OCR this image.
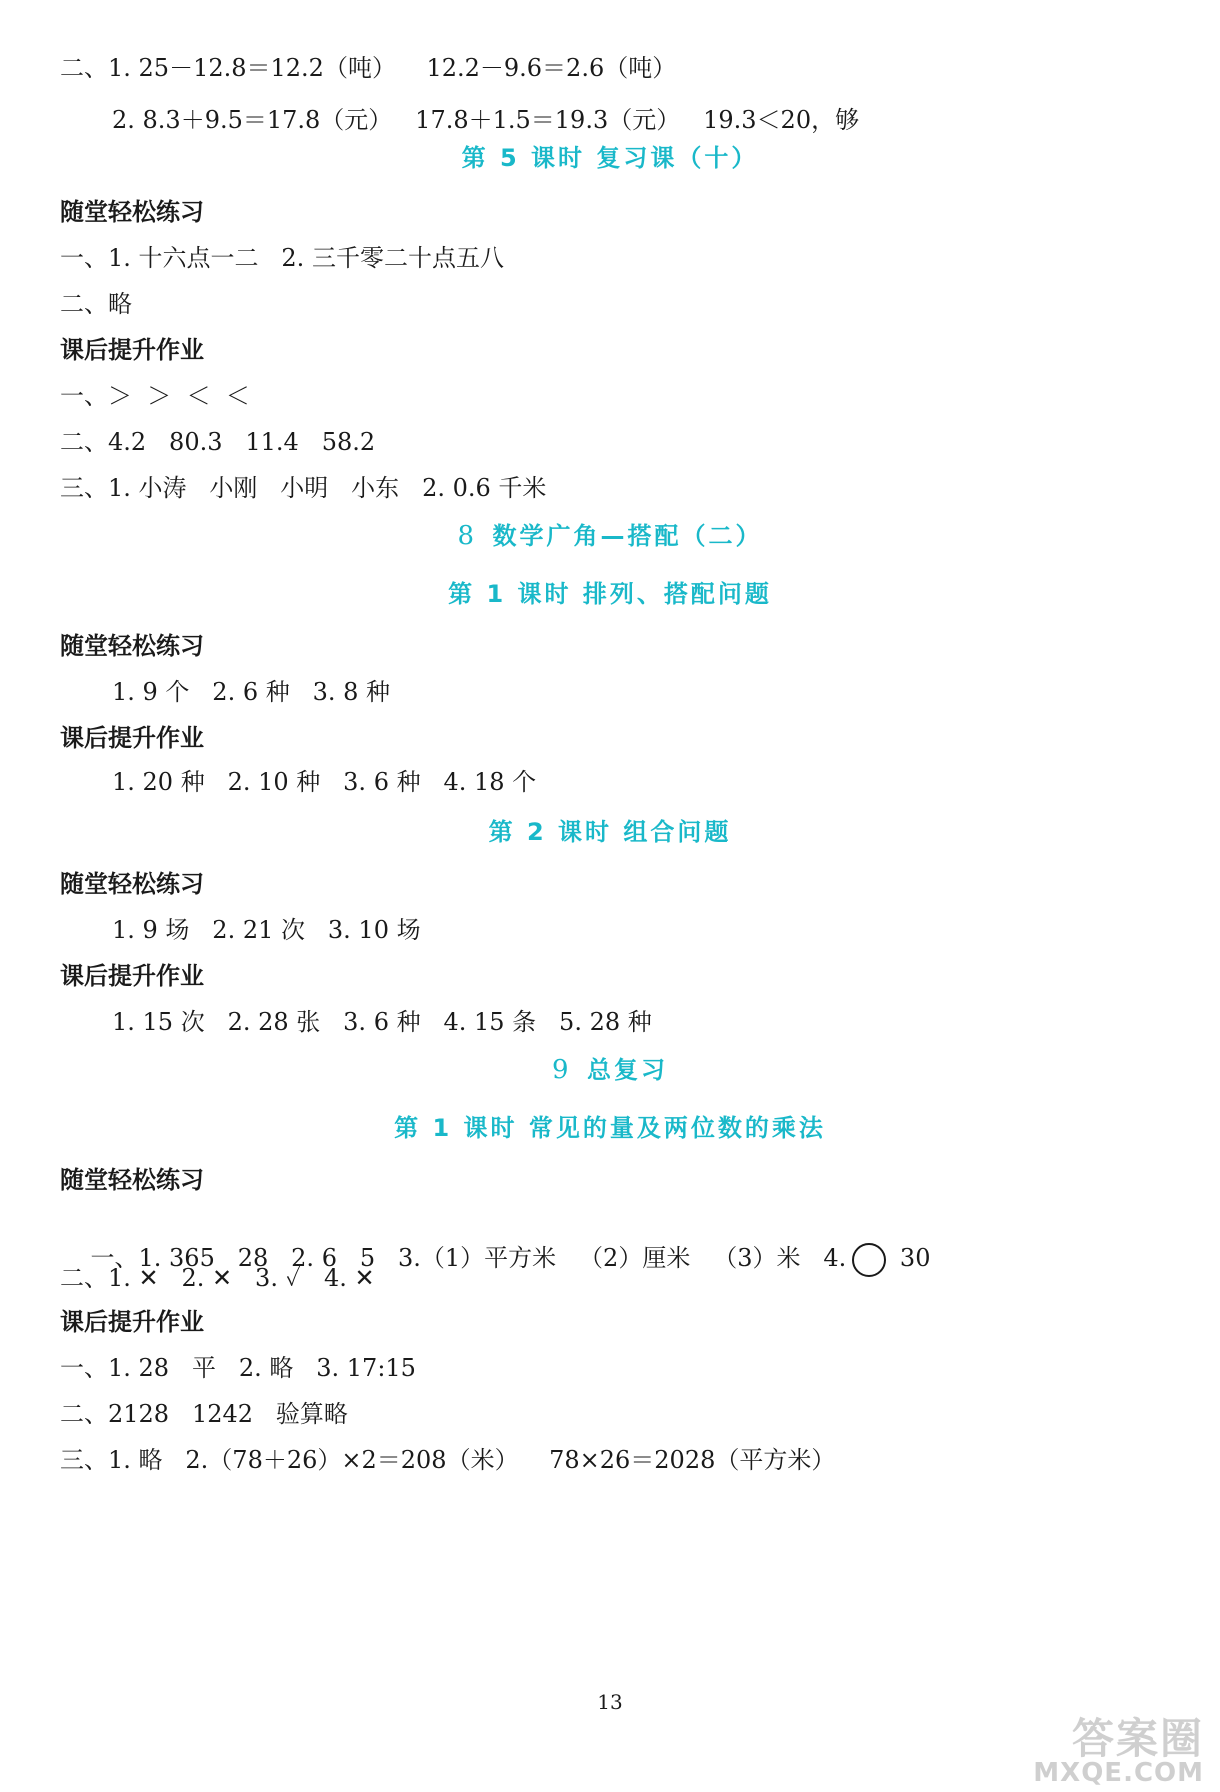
二、1. 25－12.8＝12.2（吨）    12.2－9.6＝2.6（吨）
2. 8.3＋9.5＝17.8（元）   17.8＋1.5＝19.3（元）   19.3＜20，够
第 5 课时 复习课（十）
随堂轻松练习
一、1. 十六点一二   2. 三千零二十点五八
二、略
课后提升作业
一、＞  ＞  ＜  ＜
二、4.2   80.3   11.4   58.2
三、1. 小涛   小刚   小明   小东   2. 0.6 千米
8 数学广角—搭配（二）
第 1 课时 排列、搭配问题
随堂轻松练习
1. 9 个   2. 6 种   3. 8 种
课后提升作业
1. 20 种   2. 10 种   3. 6 种   4. 18 个
第 2 课时 组合问题
随堂轻松练习
1. 9 场   2. 21 次   3. 10 场
课后提升作业
1. 15 次   2. 28 张   3. 6 种   4. 15 条   5. 28 种
9 总复习
第 1 课时 常见的量及两位数的乘法
随堂轻松练习

一、1. 365   28   2. 6   5   3.（1）平方米   （2）厘米   （3）米   4. 30

二、1. ✕   2. ✕   3. ✓   4. ✕
课后提升作业
一、1. 28   平   2. 略   3. 17:15
二、2128   1242   验算略
三、1. 略   2.（78＋26）×2＝208（米）    78×26＝2028（平方米）
13
答案圈
MXQE.COM
